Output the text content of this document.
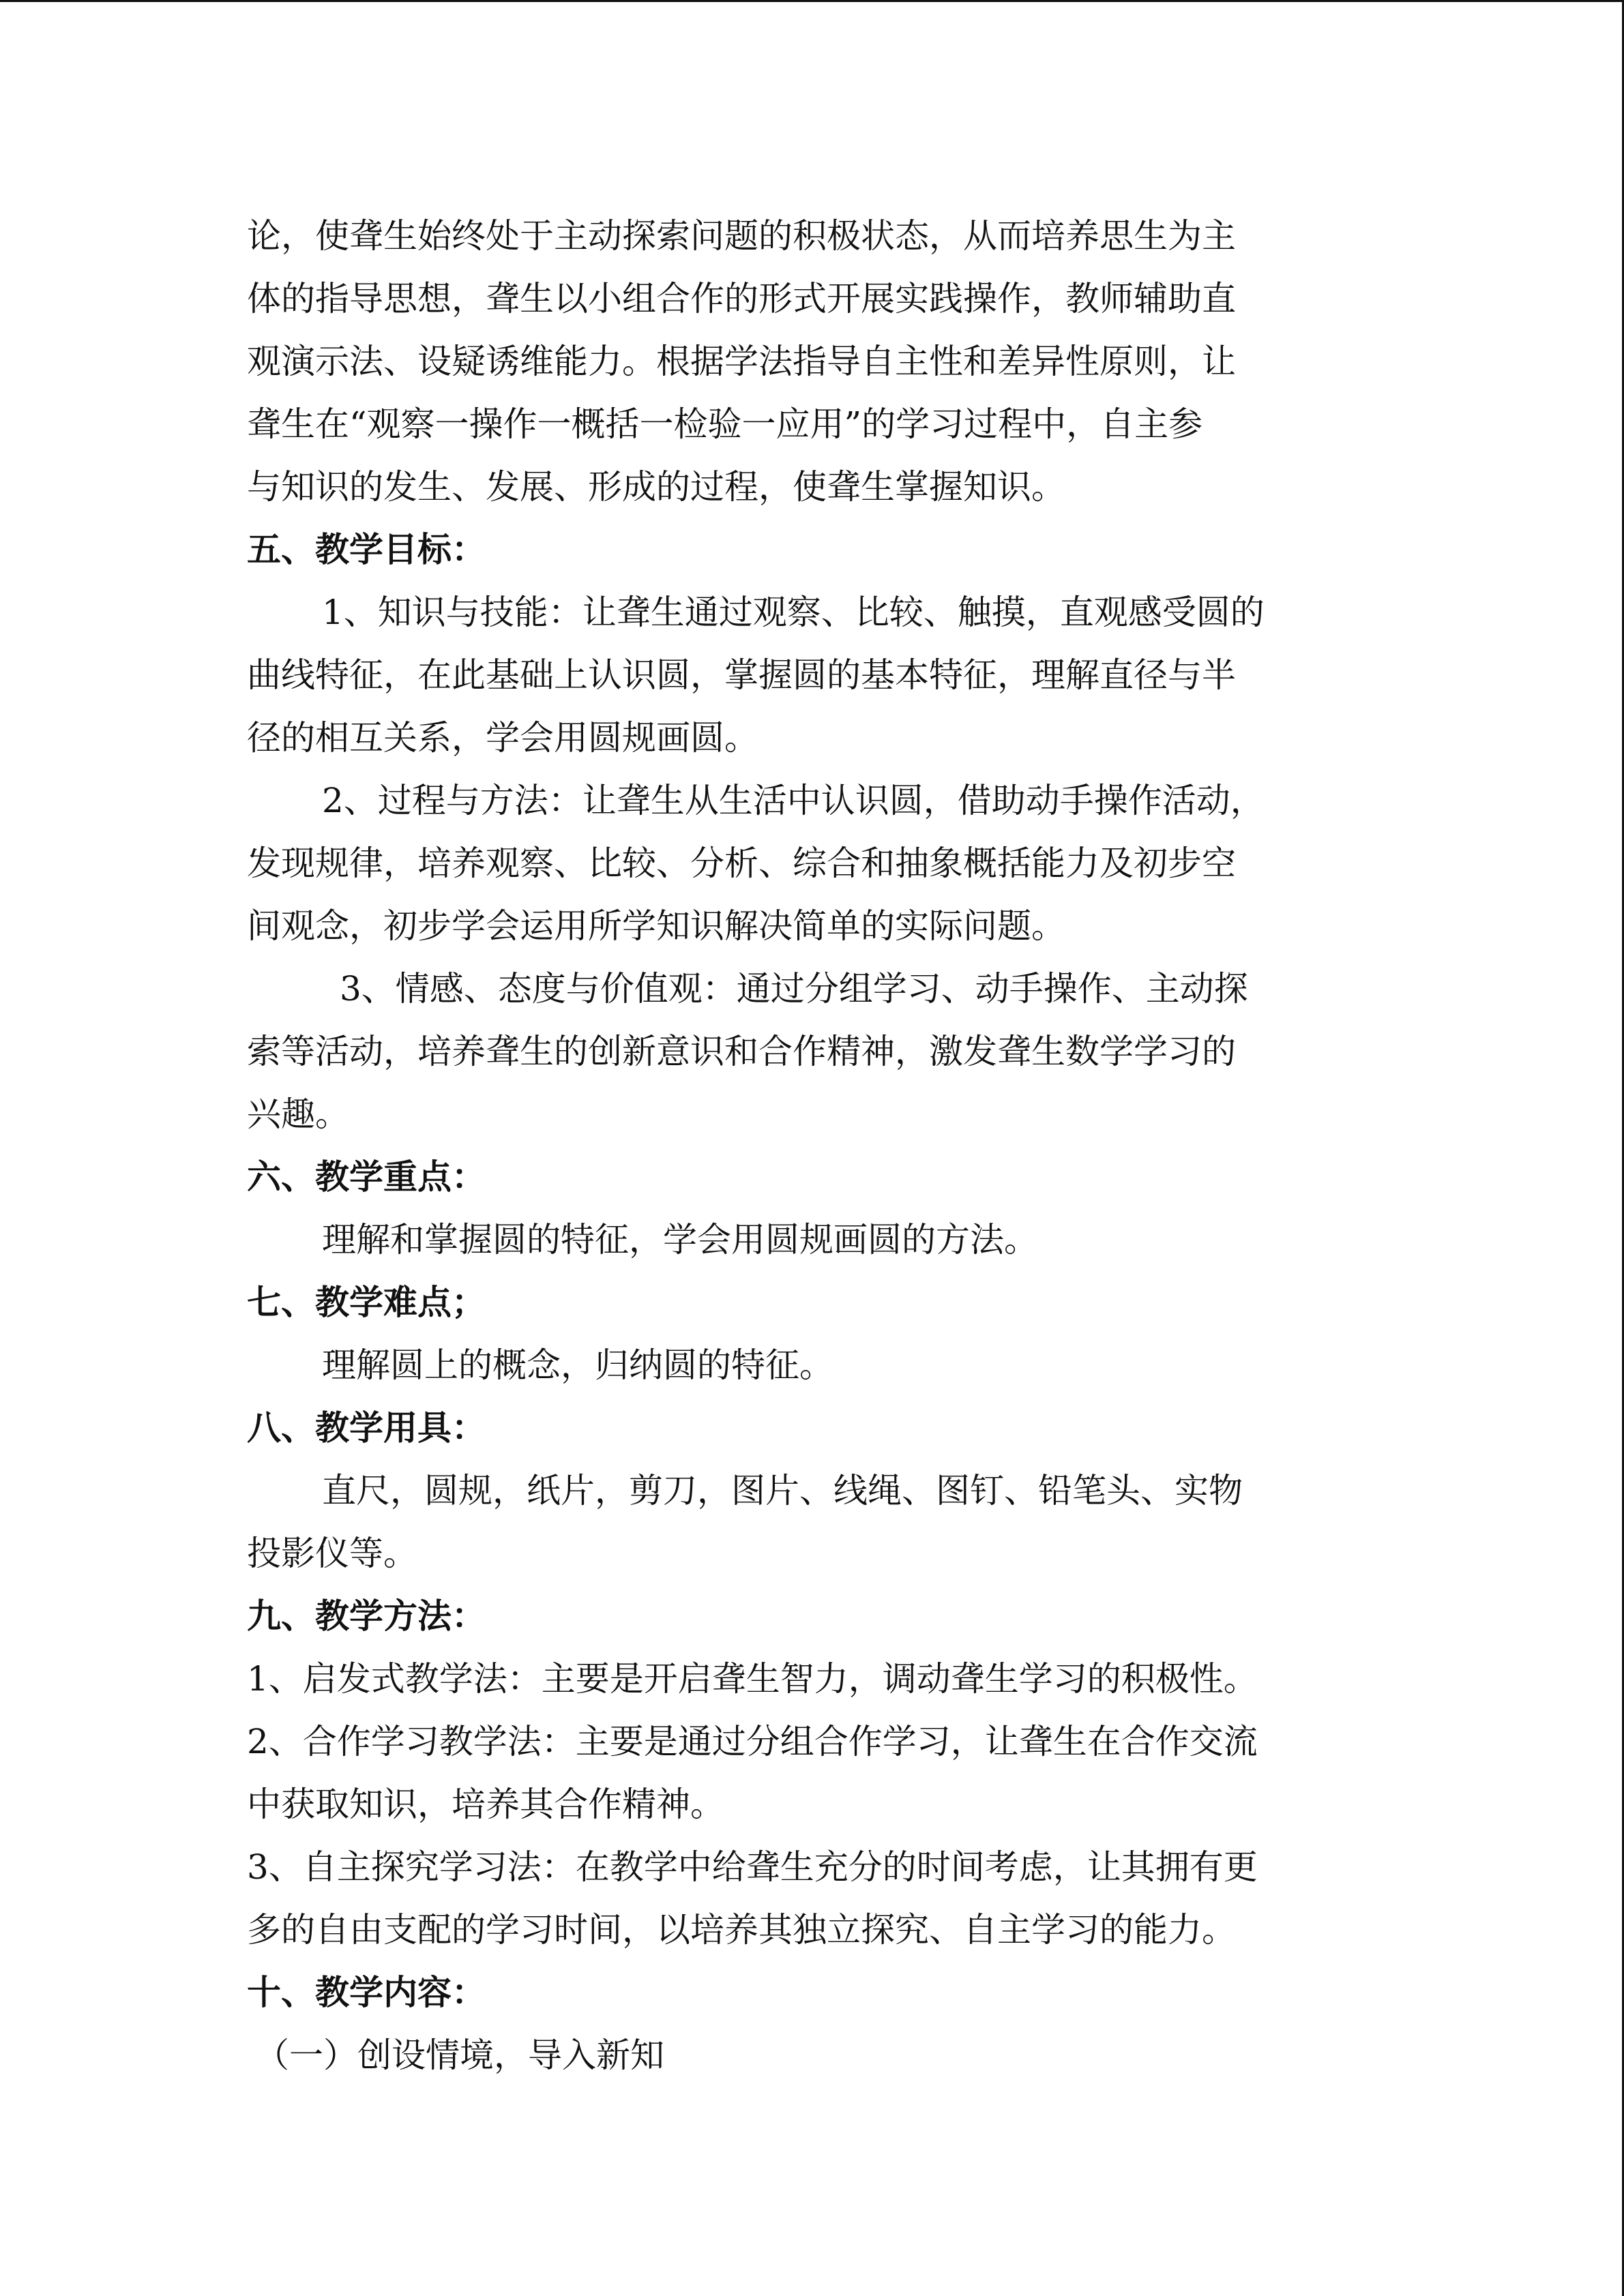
论，使聋生始终处于主动探索问题的积极状态，从而培养思生为主

体的指导思想，聋生以小组合作的形式开展实践操作，教师辅助直

观演示法、设疑诱维能力。根据学法指导自主性和差异性原则，让

聋生在“观察一操作一概括一检验一应用”的学习过程中，自主参

与知识的发生、发展、形成的过程，使聋生掌握知识。

五、教学目标：

1、知识与技能：让聋生通过观察、比较、触摸，直观感受圆的

曲线特征，在此基础上认识圆，掌握圆的基本特征，理解直径与半

径的相互关系，学会用圆规画圆。

2、过程与方法：让聋生从生活中认识圆，借助动手操作活动，

发现规律，培养观察、比较、分析、综合和抽象概括能力及初步空

间观念，初步学会运用所学知识解决简单的实际问题。

3、情感、态度与价值观：通过分组学习、动手操作、主动探

索等活动，培养聋生的创新意识和合作精神，激发聋生数学学习的

兴趣。

六、教学重点：

理解和掌握圆的特征，学会用圆规画圆的方法。

七、教学难点；

理解圆上的概念，归纳圆的特征。

八、教学用具：

直尺，圆规，纸片，剪刀，图片、线绳、图钉、铅笔头、实物

投影仪等。

九、教学方法：

1、启发式教学法：主要是开启聋生智力，调动聋生学习的积极性。

2、合作学习教学法：主要是通过分组合作学习，让聋生在合作交流

中获取知识，培养其合作精神。

3、自主探究学习法：在教学中给聋生充分的时间考虑，让其拥有更

多的自由支配的学习时间，以培养其独立探究、自主学习的能力。

十、教学内容：

（一）创设情境，导入新知
